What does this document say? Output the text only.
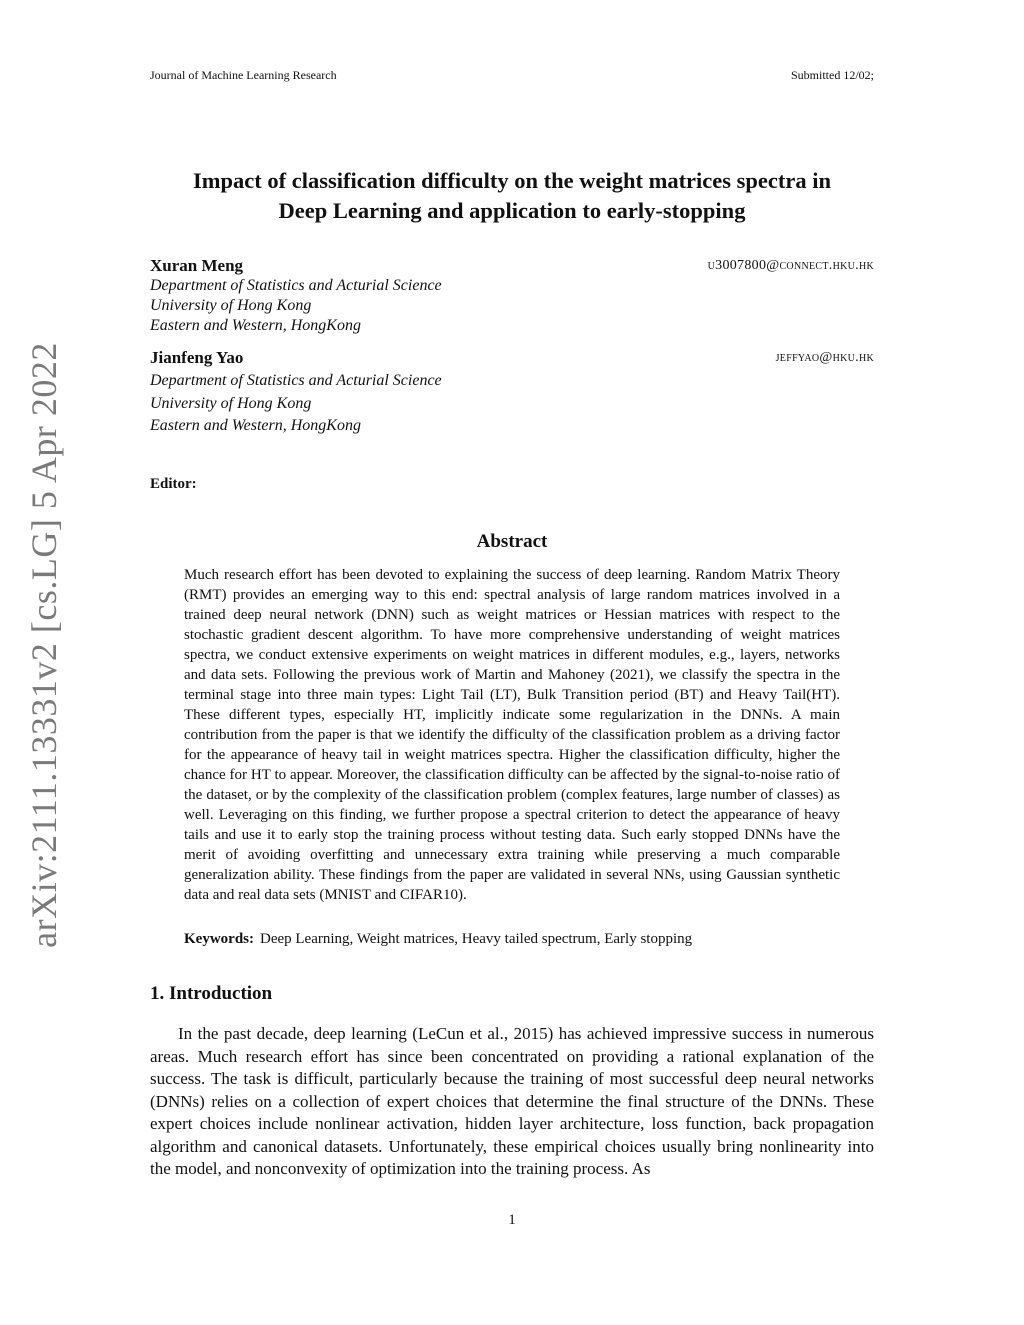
Journal of Machine Learning Research	Submitted 12/02;
arXiv:2111.13331v2 [cs.LG] 5 Apr 2022
Impact of classification difficulty on the weight matrices spectra in
Deep Learning and application to early-stopping
Xuran Meng	u3007800@connect.hku.hk
Department of Statistics and Acturial Science
University of Hong Kong
Eastern and Western, HongKong
Jianfeng Yao	jeffyao@hku.hk
Department of Statistics and Acturial Science
University of Hong Kong
Eastern and Western, HongKong
Editor:
Abstract
Much research effort has been devoted to explaining the success of deep learning. Random Matrix Theory (RMT) provides an emerging way to this end: spectral analysis of large random matrices involved in a trained deep neural network (DNN) such as weight matrices or Hessian matrices with respect to the stochastic gradient descent algorithm. To have more comprehensive understanding of weight matrices spectra, we conduct extensive experiments on weight matrices in different modules, e.g., layers, networks and data sets. Following the previous work of Martin and Mahoney (2021), we classify the spectra in the terminal stage into three main types: Light Tail (LT), Bulk Transition period (BT) and Heavy Tail(HT). These different types, especially HT, implicitly indicate some regularization in the DNNs. A main contribution from the paper is that we identify the difficulty of the classification problem as a driving factor for the appearance of heavy tail in weight matrices spectra. Higher the classification difficulty, higher the chance for HT to appear. Moreover, the classification difficulty can be affected by the signal-to-noise ratio of the dataset, or by the complexity of the classification problem (complex features, large number of classes) as well. Leveraging on this finding, we further propose a spectral criterion to detect the appearance of heavy tails and use it to early stop the training process without testing data. Such early stopped DNNs have the merit of avoiding overfitting and unnecessary extra training while preserving a much comparable generalization ability. These findings from the paper are validated in several NNs, using Gaussian synthetic data and real data sets (MNIST and CIFAR10).
Keywords: Deep Learning, Weight matrices, Heavy tailed spectrum, Early stopping
1. Introduction
In the past decade, deep learning (LeCun et al., 2015) has achieved impressive success in numerous areas. Much research effort has since been concentrated on providing a rational explanation of the success. The task is difficult, particularly because the training of most successful deep neural networks (DNNs) relies on a collection of expert choices that determine the final structure of the DNNs. These expert choices include nonlinear activation, hidden layer architecture, loss function, back propagation algorithm and canonical datasets. Unfortunately, these empirical choices usually bring nonlinearity into the model, and nonconvexity of optimization into the training process. As
1
